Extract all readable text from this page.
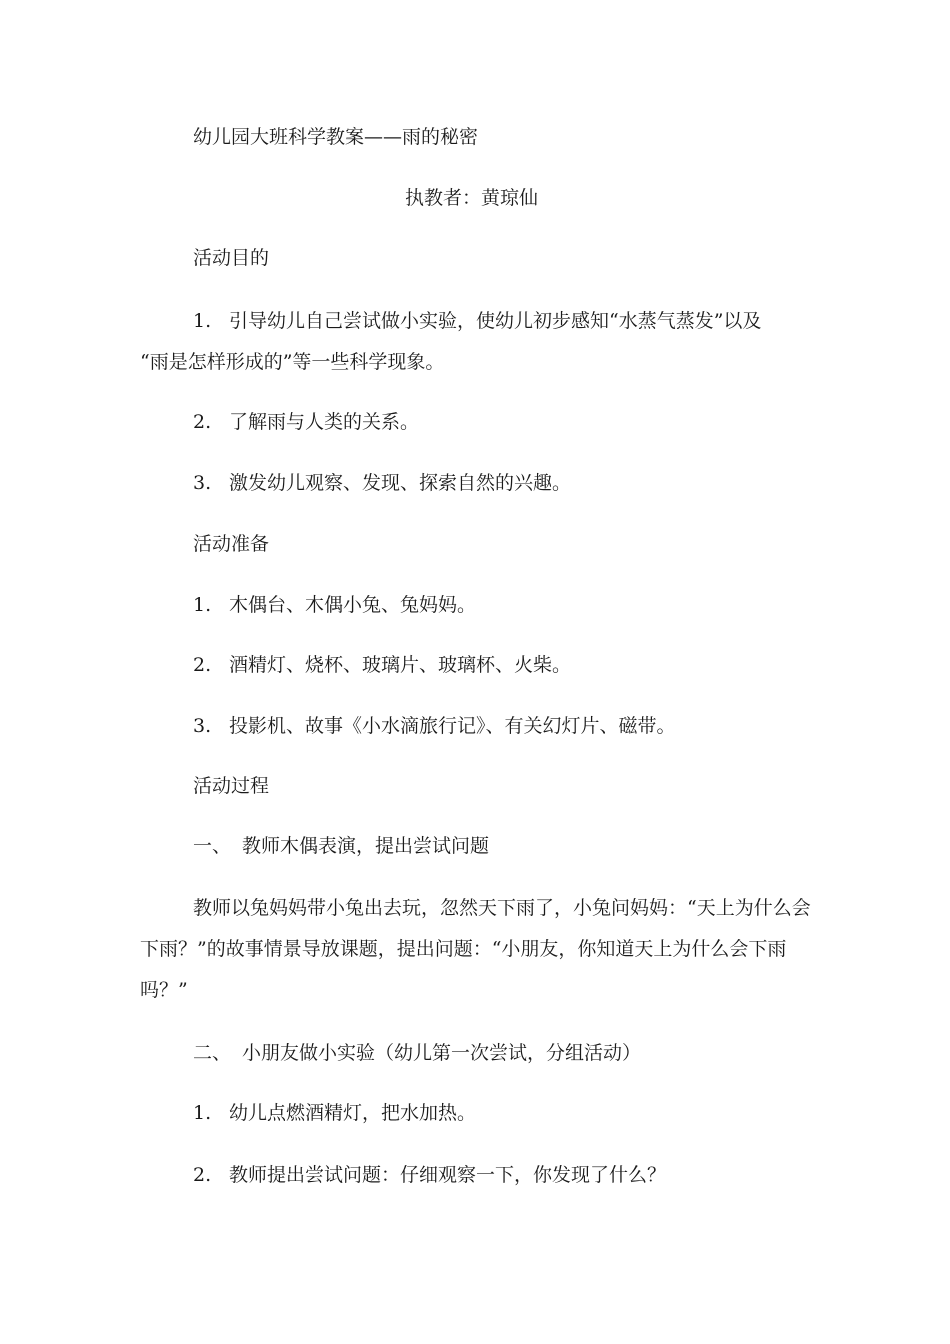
幼儿园大班科学教案——雨的秘密
执教者：黄琼仙
活动目的
1. 引导幼儿自己尝试做小实验，使幼儿初步感知“水蒸气蒸发”以及
“雨是怎样形成的”等一些科学现象。
2. 了解雨与人类的关系。
3. 激发幼儿观察、发现、探索自然的兴趣。
活动准备
1. 木偶台、木偶小兔、兔妈妈。
2. 酒精灯、烧杯、玻璃片、玻璃杯、火柴。
3. 投影机、故事《小水滴旅行记》、有关幻灯片、磁带。
活动过程
一、 教师木偶表演，提出尝试问题
教师以兔妈妈带小兔出去玩，忽然天下雨了，小兔问妈妈：“天上为什么会
下雨？”的故事情景导放课题，提出问题：“小朋友，你知道天上为什么会下雨
吗？”
二、 小朋友做小实验（幼儿第一次尝试，分组活动）
1. 幼儿点燃酒精灯，把水加热。
2. 教师提出尝试问题：仔细观察一下，你发现了什么？
